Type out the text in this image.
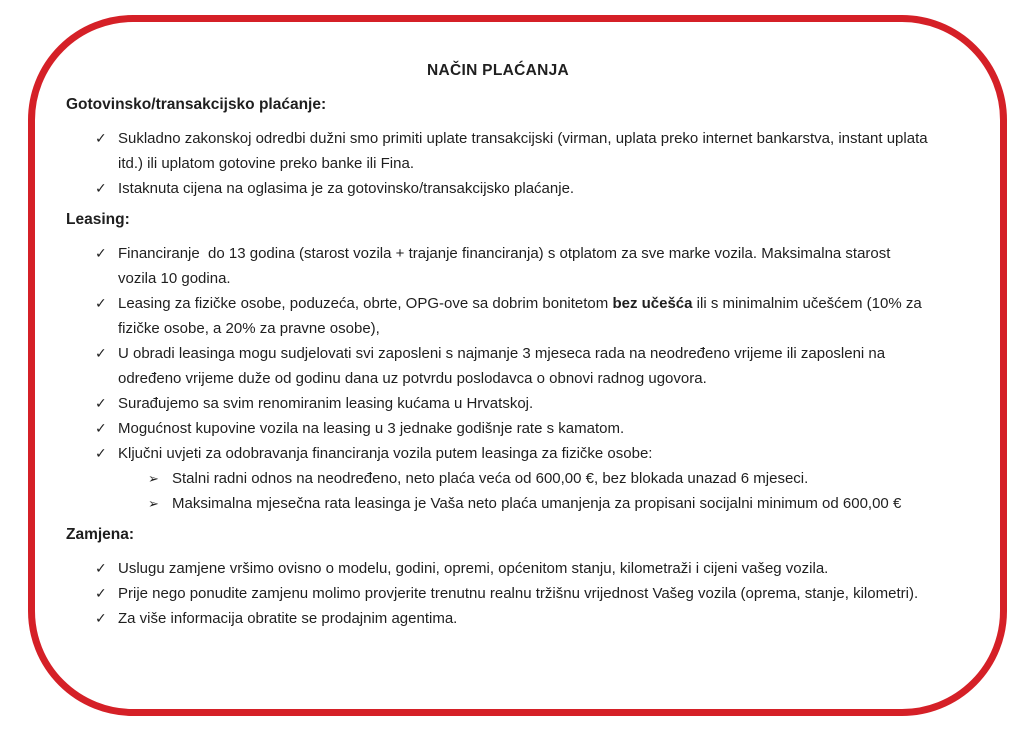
NAČIN PLAĆANJA
Gotovinsko/transakcijsko plaćanje:
✓ Sukladno zakonskoj odredbi dužni smo primiti uplate transakcijski (virman, uplata preko internet bankarstva, instant uplata itd.) ili uplatom gotovine preko banke ili Fina.
✓ Istaknuta cijena na oglasima je za gotovinsko/transakcijsko plaćanje.
Leasing:
✓ Financiranje  do 13 godina (starost vozila + trajanje financiranja) s otplatom za sve marke vozila. Maksimalna starost vozila 10 godina.
✓ Leasing za fizičke osobe, poduzeća, obrte, OPG-ove sa dobrim bonitetom bez učešća ili s minimalnim učešćem (10% za fizičke osobe, a 20% za pravne osobe),
✓ U obradi leasinga mogu sudjelovati svi zaposleni s najmanje 3 mjeseca rada na neodređeno vrijeme ili zaposleni na određeno vrijeme duže od godinu dana uz potvrdu poslodavca o obnovi radnog ugovora.
✓ Surađujemo sa svim renomiranim leasing kućama u Hrvatskoj.
✓ Mogućnost kupovine vozila na leasing u 3 jednake godišnje rate s kamatom.
✓ Ključni uvjeti za odobravanja financiranja vozila putem leasinga za fizičke osobe:
➢ Stalni radni odnos na neodređeno, neto plaća veća od 600,00 €, bez blokada unazad 6 mjeseci.
➢ Maksimalna mjesečna rata leasinga je Vaša neto plaća umanjenja za propisani socijalni minimum od 600,00 €
Zamjena:
✓ Uslugu zamjene vršimo ovisno o modelu, godini, opremi, općenitom stanju, kilometraži i cijeni vašeg vozila.
✓ Prije nego ponudite zamjenu molimo provjerite trenutnu realnu tržišnu vrijednost Vašeg vozila (oprema, stanje, kilometri).
✓ Za više informacija obratite se prodajnim agentima.
